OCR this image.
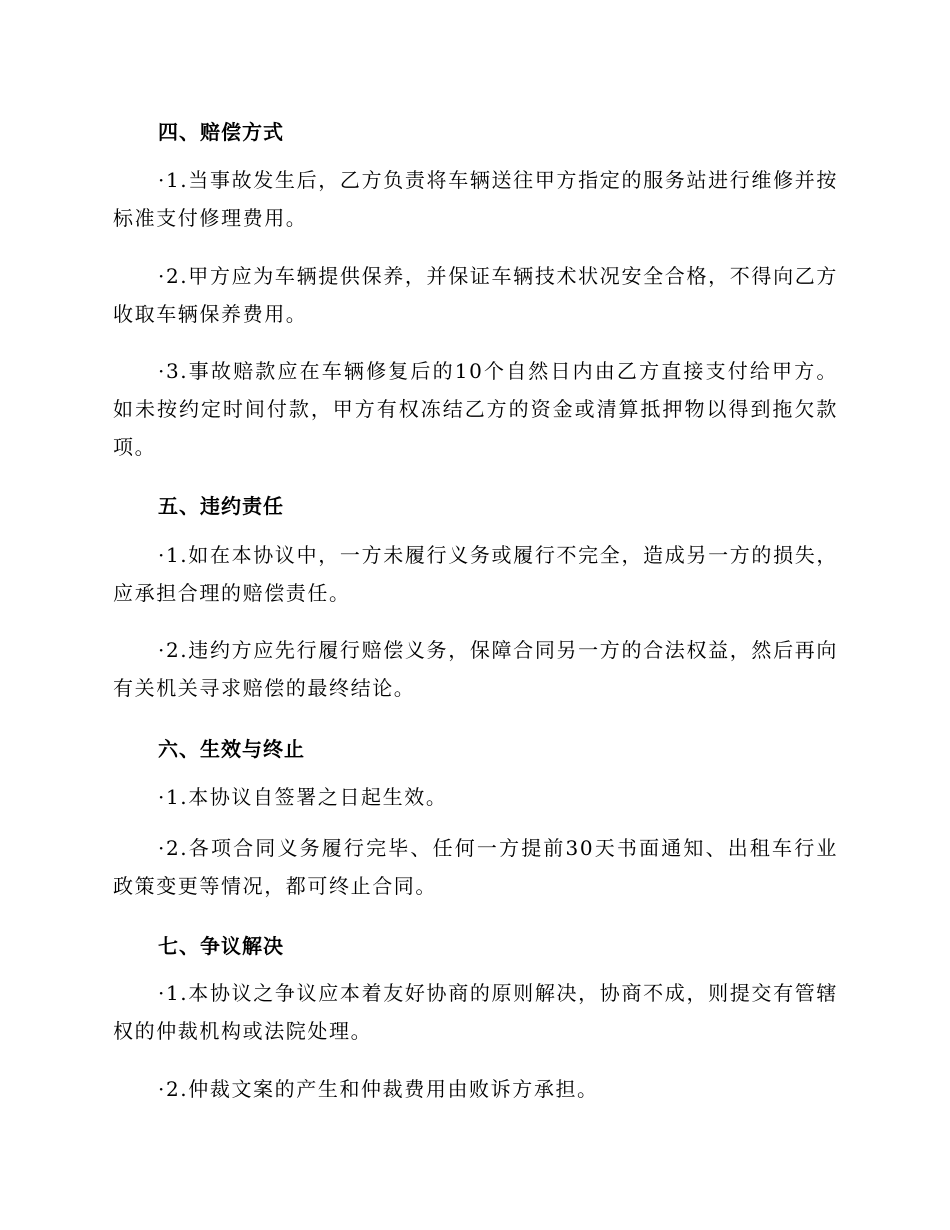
四、赔偿方式
·1.当事故发生后，乙方负责将车辆送往甲方指定的服务站进行维修并按标准支付修理费用。
·2.甲方应为车辆提供保养，并保证车辆技术状况安全合格，不得向乙方收取车辆保养费用。
·3.事故赔款应在车辆修复后的10个自然日内由乙方直接支付给甲方。如未按约定时间付款，甲方有权冻结乙方的资金或清算抵押物以得到拖欠款项。
五、违约责任
·1.如在本协议中，一方未履行义务或履行不完全，造成另一方的损失，应承担合理的赔偿责任。
·2.违约方应先行履行赔偿义务，保障合同另一方的合法权益，然后再向有关机关寻求赔偿的最终结论。
六、生效与终止
·1.本协议自签署之日起生效。
·2.各项合同义务履行完毕、任何一方提前30天书面通知、出租车行业政策变更等情况，都可终止合同。
七、争议解决
·1.本协议之争议应本着友好协商的原则解决，协商不成，则提交有管辖权的仲裁机构或法院处理。
·2.仲裁文案的产生和仲裁费用由败诉方承担。
